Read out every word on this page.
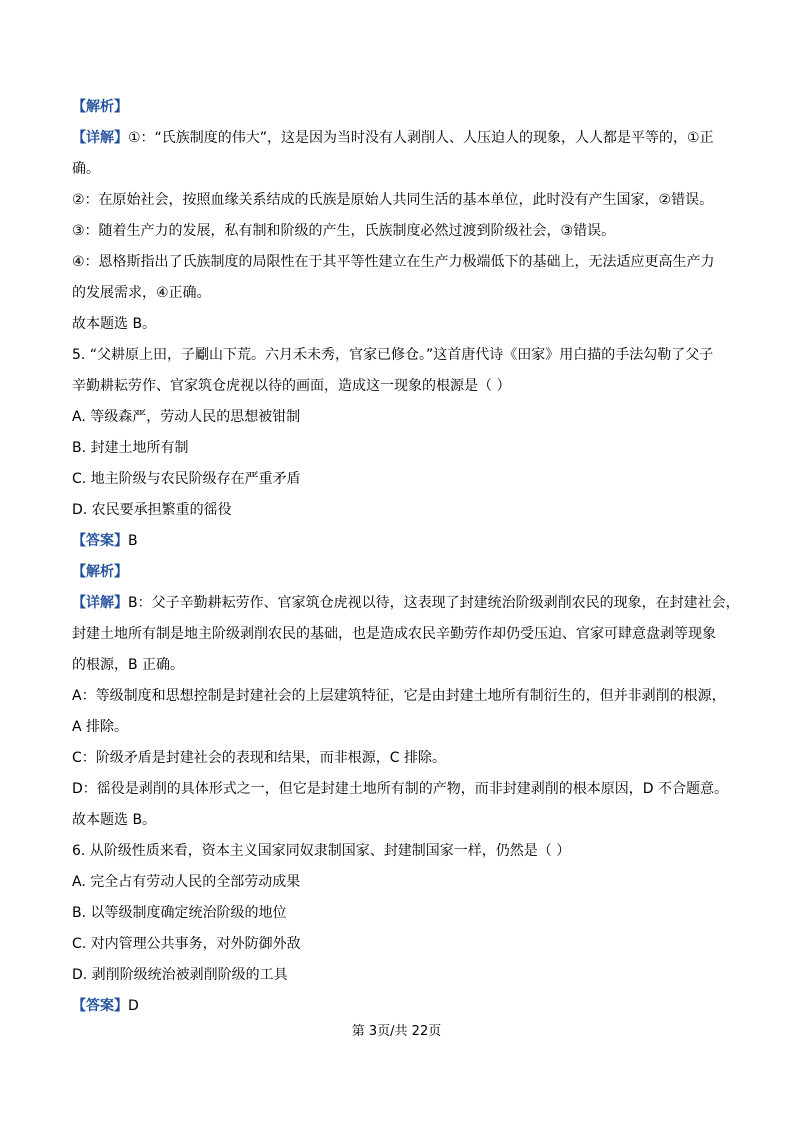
【解析】
【详解】①：“氏族制度的伟大”，这是因为当时没有人剥削人、人压迫人的现象，人人都是平等的，①正
确。
②：在原始社会，按照血缘关系结成的氏族是原始人共同生活的基本单位，此时没有产生国家，②错误。
③：随着生产力的发展，私有制和阶级的产生，氏族制度必然过渡到阶级社会，③错误。
④：恩格斯指出了氏族制度的局限性在于其平等性建立在生产力极端低下的基础上，无法适应更高生产力
的发展需求，④正确。
故本题选 B。
5. “父耕原上田，子劚山下荒。六月禾未秀，官家已修仓。”这首唐代诗《田家》用白描的手法勾勒了父子
辛勤耕耘劳作、官家筑仓虎视以待的画面，造成这一现象的根源是（ ）
A. 等级森严，劳动人民的思想被钳制
B. 封建土地所有制
C. 地主阶级与农民阶级存在严重矛盾
D. 农民要承担繁重的徭役
【答案】B
【解析】
【详解】B：父子辛勤耕耘劳作、官家筑仓虎视以待，这表现了封建统治阶级剥削农民的现象，在封建社会，
封建土地所有制是地主阶级剥削农民的基础，也是造成农民辛勤劳作却仍受压迫、官家可肆意盘剥等现象
的根源，B 正确。
A：等级制度和思想控制是封建社会的上层建筑特征，它是由封建土地所有制衍生的，但并非剥削的根源，
A 排除。
C：阶级矛盾是封建社会的表现和结果，而非根源，C 排除。
D：徭役是剥削的具体形式之一，但它是封建土地所有制的产物，而非封建剥削的根本原因，D 不合题意。
故本题选 B。
6. 从阶级性质来看，资本主义国家同奴隶制国家、封建制国家一样，仍然是（ ）
A. 完全占有劳动人民的全部劳动成果
B. 以等级制度确定统治阶级的地位
C. 对内管理公共事务，对外防御外敌
D. 剥削阶级统治被剥削阶级的工具
【答案】D
第 3页/共 22页
